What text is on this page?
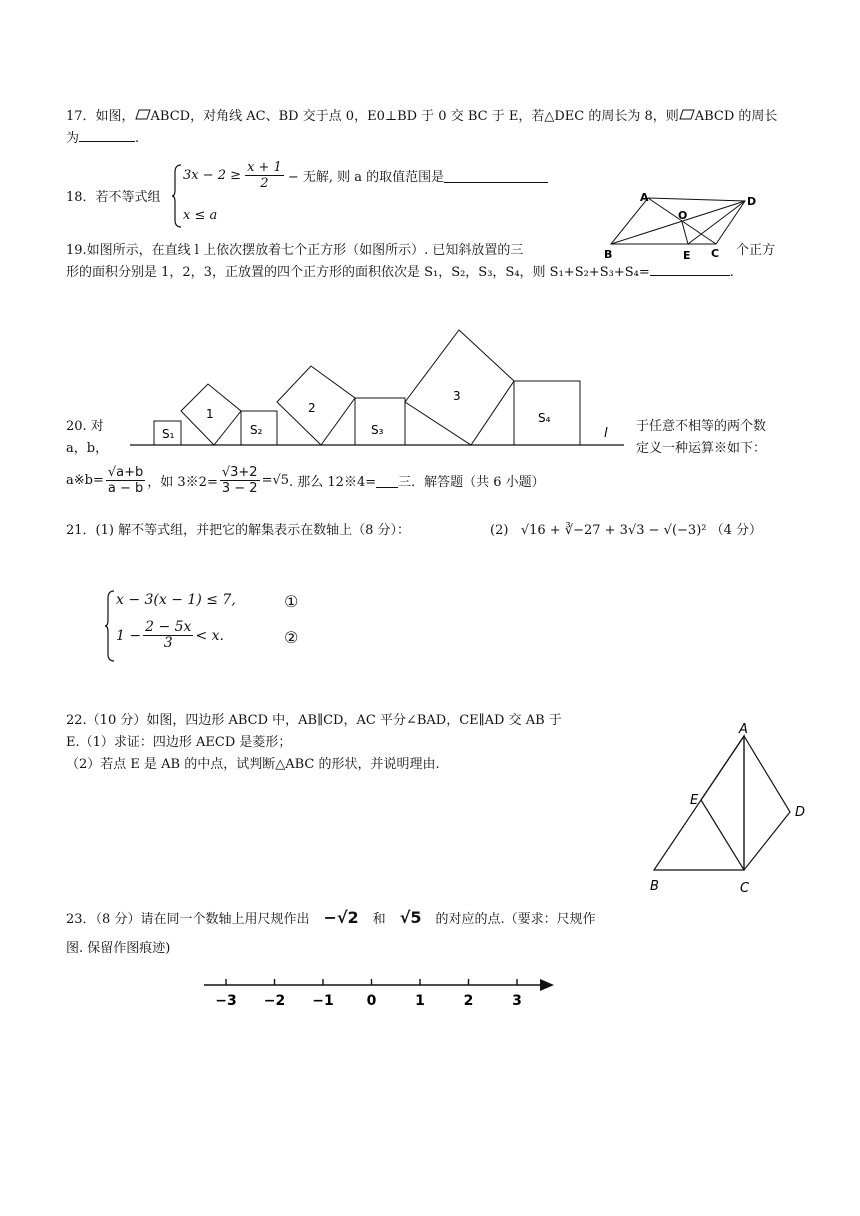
17．如图， ABCD，对角线 AC、BD 交于点 0，E0⊥BD 于 0 交 BC 于 E，若△DEC 的周长为 8，则 ABCD 的周长
为	.
18．若不等式组
$3x - 2 \ge \frac{x + 1}{2}$ − 无解 , 则 a 的取值范围是
x ≤ a
A
B
O
E C
D
19.如图所示，在直线 l 上依次摆放着七个正方形（如图所示）. 已知斜放置的三	个正方
形的面积分别是 1，2，3，正放置的四个正方形的面积依次是 S₁，S₂，S₃，S₄，则 S₁+S₂+S₃+S₄=	.
S₁
1
S₂
2
S₃
3
S₄
l
20. 对
a，b，
于任意不相等的两个数
定义一种运算※如下：
a※b= $\frac{√a+b}{a - b}$ ，如 3※2= $\frac{√3+2}{3 - 2} =√5$ . 那么 12※4= 三．解答题（共 6 小题）
21．(1) 解不等式组，并把它的解集表示在数轴上（8 分）：	(2) √16 + ∛−27 + 3√3 − √(−3)² （4 分）
x − 3(x − 1) ≤ 7,
$1 - \frac{2 - 5x}{3} < x$.
①
②
22.（10 分）如图，四边形 ABCD 中，AB∥CD，AC 平分∠BAD，CE∥AD 交 AB 于
E.（1）求证：四边形 AECD 是菱形；
（2）若点 E 是 AB 的中点，试判断△ABC 的形状，并说明理由.
A
B	C
D
E
23．（8 分）请在同一个数轴上用尺规作出 −√2 和 √5 的对应的点.（要求：尺规作
图. 保留作图痕迹)
−3 −2 −1 0	1	2	3
